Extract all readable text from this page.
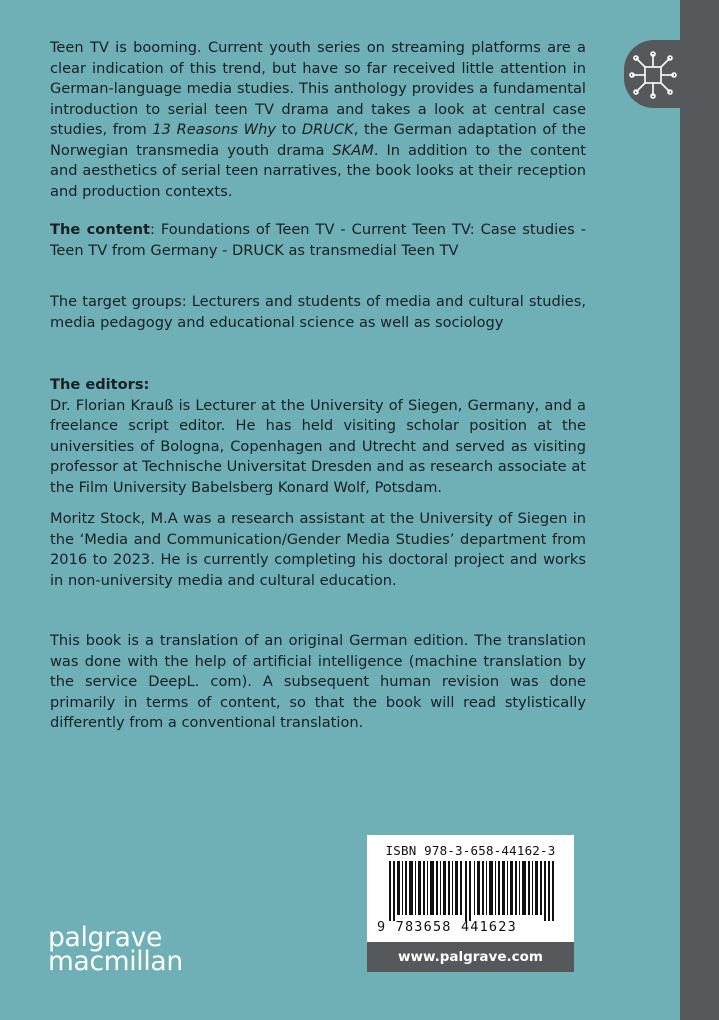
Teen TV is booming. Current youth series on streaming platforms are a clear indication of this trend, but have so far received little attention in German-language media studies. This anthology provides a fundamental introduction to serial teen TV drama and takes a look at central case studies, from 13 Reasons Why to DRUCK, the German adaptation of the Norwegian transmedia youth drama SKAM. In addition to the content and aesthetics of serial teen narratives, the book looks at their reception and production contexts.

The content: Foundations of Teen TV - Current Teen TV: Case studies - Teen TV from Germany - DRUCK as transmedial Teen TV

The target groups: Lecturers and students of media and cultural studies, media pedagogy and educational science as well as sociology

The editors:
Dr. Florian Krauß is Lecturer at the University of Siegen, Germany, and a freelance script editor. He has held visiting scholar position at the universities of Bologna, Copenhagen and Utrecht and served as visiting professor at Technische Universitat Dresden and as research associate at the Film University Babelsberg Konard Wolf, Potsdam.

Moritz Stock, M.A was a research assistant at the University of Siegen in the ‘Media and Communication/Gender Media Studies’ department from 2016 to 2023. He is currently completing his doctoral project and works in non-university media and cultural education.

This book is a translation of an original German edition. The translation was done with the help of artificial intelligence (machine translation by the service DeepL. com). A subsequent human revision was done primarily in terms of content, so that the book will read stylistically differently from a conventional translation.

ISBN 978-3-658-44162-3
9 783658 441623
www.palgrave.com
palgrave
macmillan
